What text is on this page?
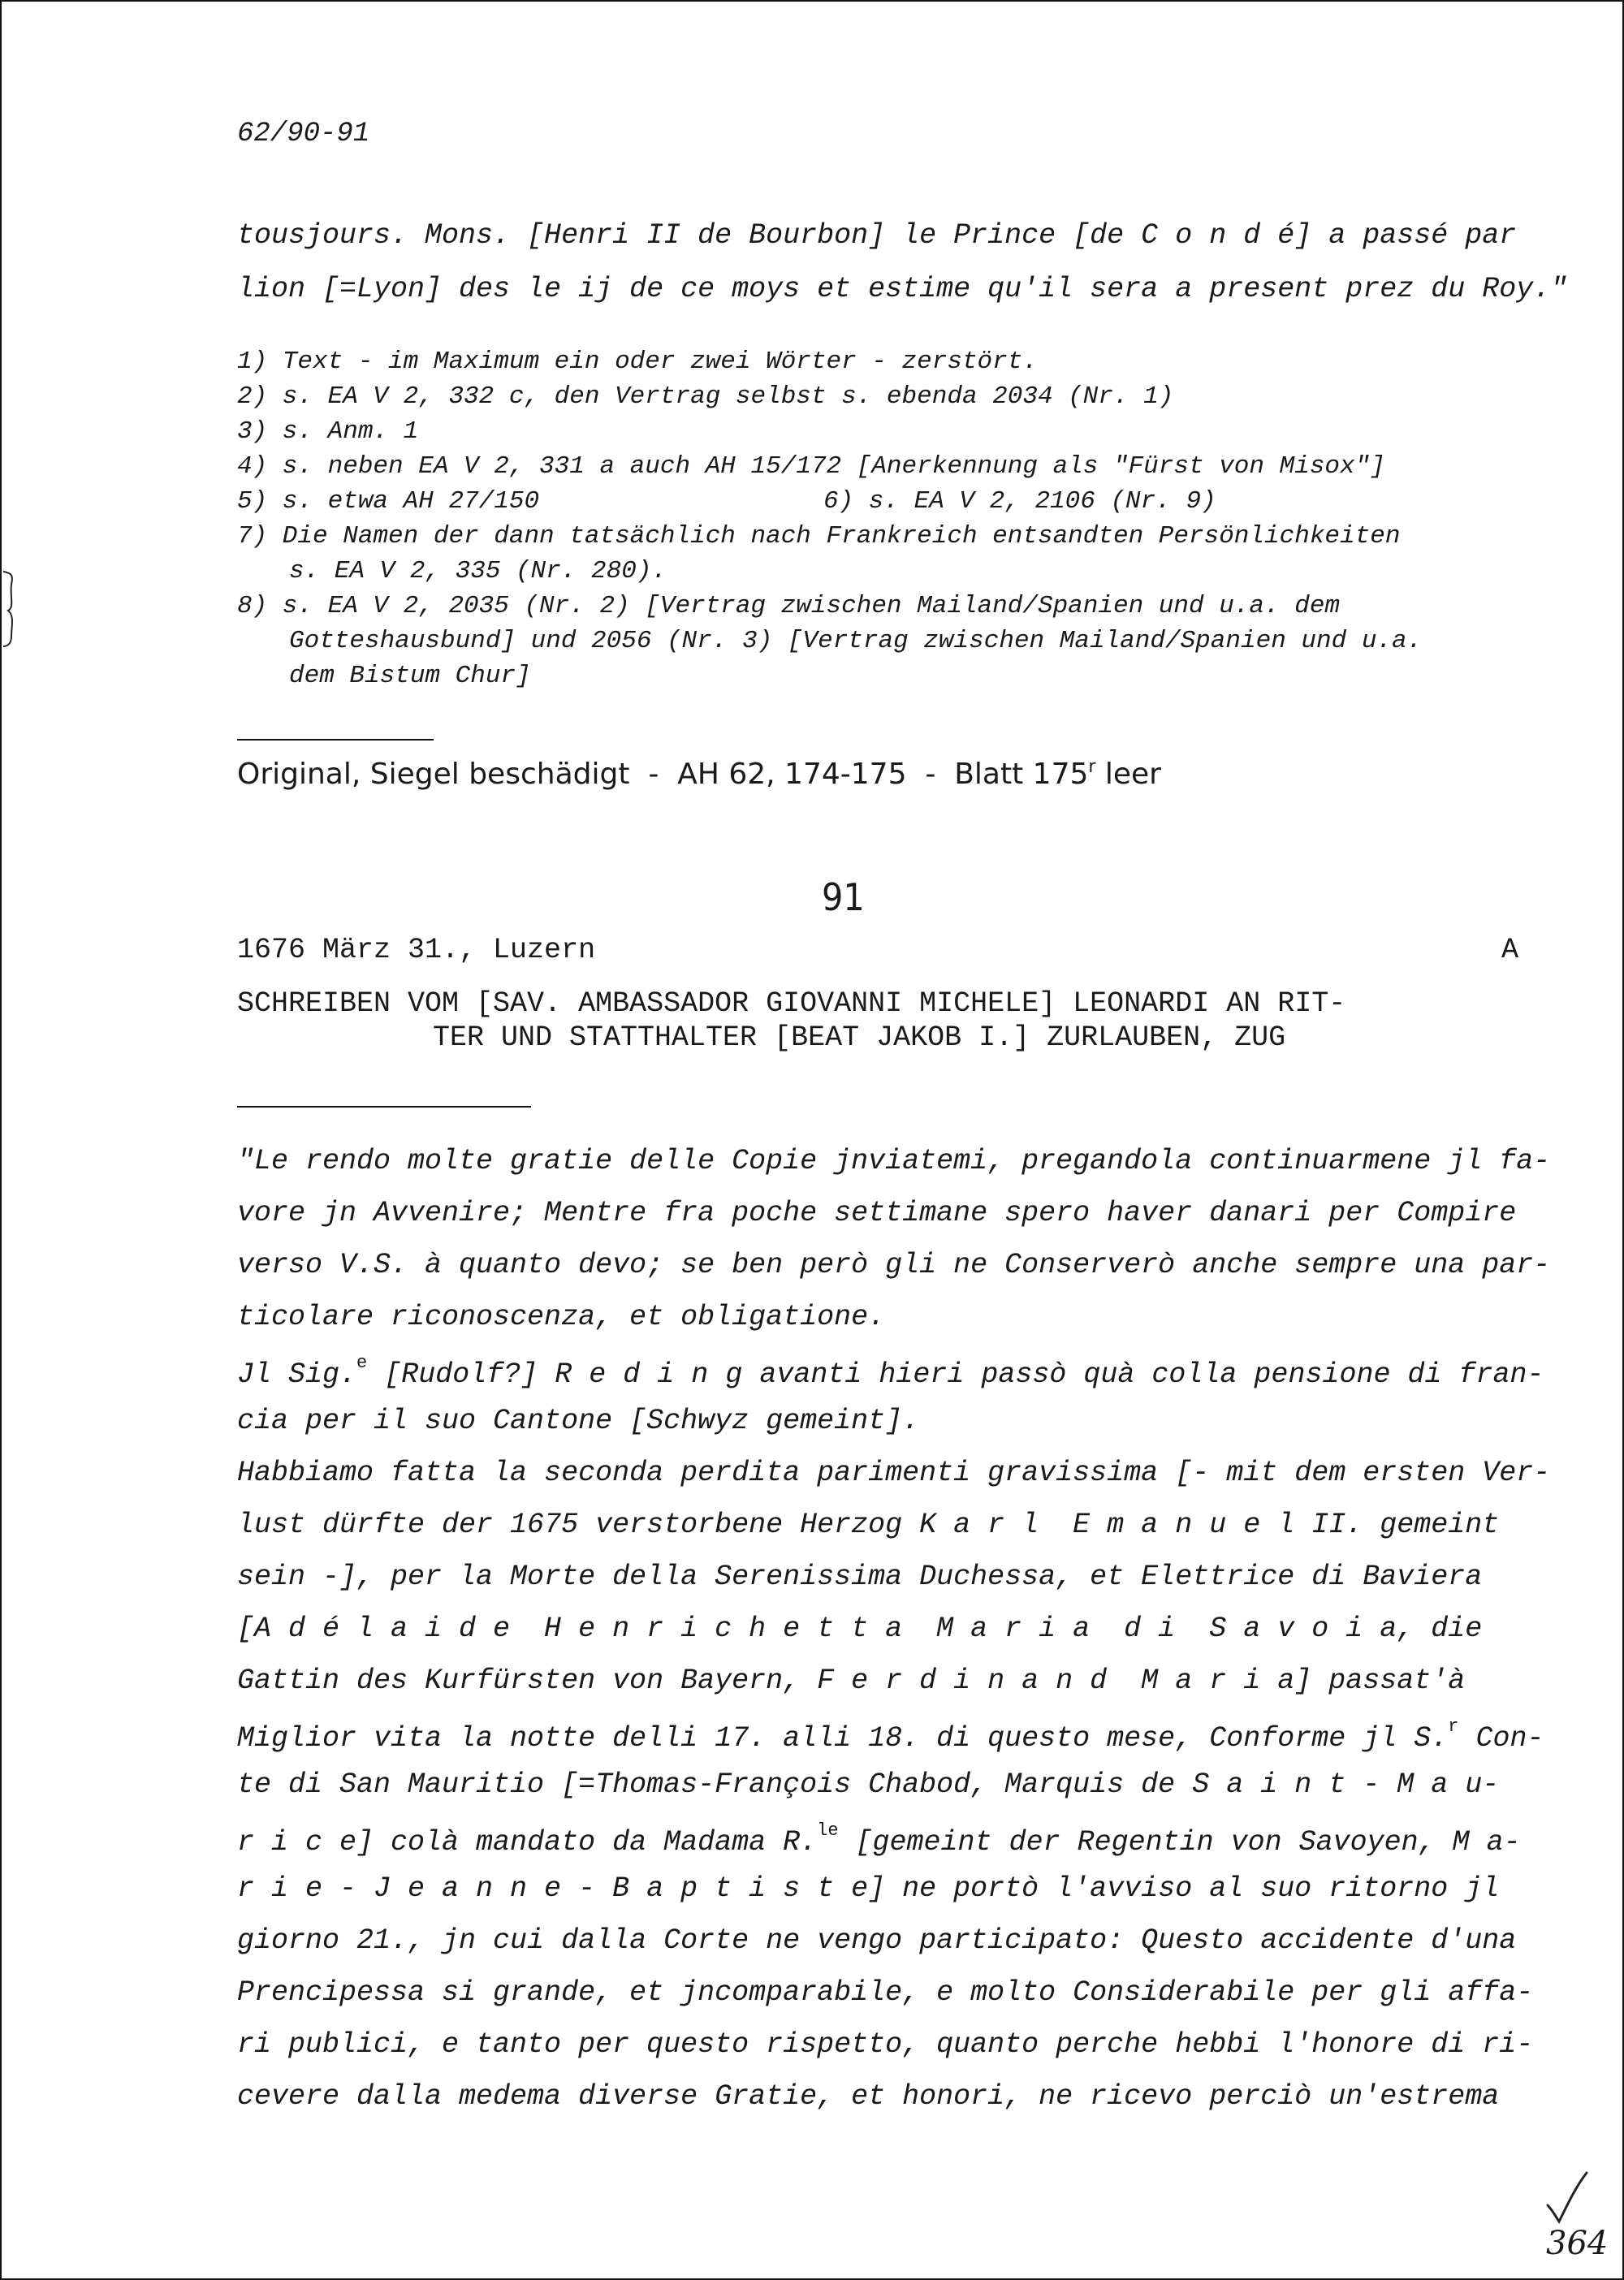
62/90-91
tousjours. Mons. [Henri II de Bourbon] le Prince [de C o n d é] a passé par
lion [=Lyon] des le ij de ce moys et estime qu'il sera a present prez du Roy."
1) Text - im Maximum ein oder zwei Wörter - zerstört.
2) s. EA V 2, 332 c, den Vertrag selbst s. ebenda 2034 (Nr. 1)
3) s. Anm. 1
4) s. neben EA V 2, 331 a auch AH 15/172 [Anerkennung als "Fürst von Misox"]
5) s. etwa AH 27/150	6) s. EA V 2, 2106 (Nr. 9)
7) Die Namen der dann tatsächlich nach Frankreich entsandten Persönlichkeiten
s. EA V 2, 335 (Nr. 280).
8) s. EA V 2, 2035 (Nr. 2) [Vertrag zwischen Mailand/Spanien und u.a. dem
Gotteshausbund] und 2056 (Nr. 3) [Vertrag zwischen Mailand/Spanien und u.a.
dem Bistum Chur]
Original, Siegel beschädigt  -  AH 62, 174-175  -  Blatt 175$^r$ leer
91
1676 März 31., Luzern	A
SCHREIBEN VOM [SAV. AMBASSADOR GIOVANNI MICHELE] LEONARDI AN RIT-
TER UND STATTHALTER [BEAT JAKOB I.] ZURLAUBEN, ZUG
"Le rendo molte gratie delle Copie jnviatemi, pregandola continuarmene jl fa-
vore jn Avvenire; Mentre fra poche settimane spero haver danari per Compire
verso V.S. à quanto devo; se ben però gli ne Conserverò anche sempre una par-
ticolare riconoscenza, et obligatione.
Jl Sig.$^e$ [Rudolf?] R e d i n g avanti hieri passò quà colla pensione di fran-
cia per il suo Cantone [Schwyz gemeint].
Habbiamo fatta la seconda perdita parimenti gravissima [- mit dem ersten Ver-
lust dürfte der 1675 verstorbene Herzog K a r l  E m a n u e l II. gemeint
sein -], per la Morte della Serenissima Duchessa, et Elettrice di Baviera
[A d é l a i d e  H e n r i c h e t t a  M a r i a  d i  S a v o i a, die
Gattin des Kurfürsten von Bayern, F e r d i n a n d  M a r i a] passat'à
Miglior vita la notte delli 17. alli 18. di questo mese, Conforme jl S.$^r$ Con-
te di San Mauritio [=Thomas-François Chabod, Marquis de S a i n t - M a u-
r i c e] colà mandato da Madama R.$^{le}$ [gemeint der Regentin von Savoyen, M a-
r i e - J e a n n e - B a p t i s t e] ne portò l'avviso al suo ritorno jl
giorno 21., jn cui dalla Corte ne vengo participato: Questo accidente d'una
Prencipessa si grande, et jncomparabile, e molto Considerabile per gli affa-
ri publici, e tanto per questo rispetto, quanto perche hebbi l'honore di ri-
cevere dalla medema diverse Gratie, et honori, ne ricevo perciò un'estrema
364
